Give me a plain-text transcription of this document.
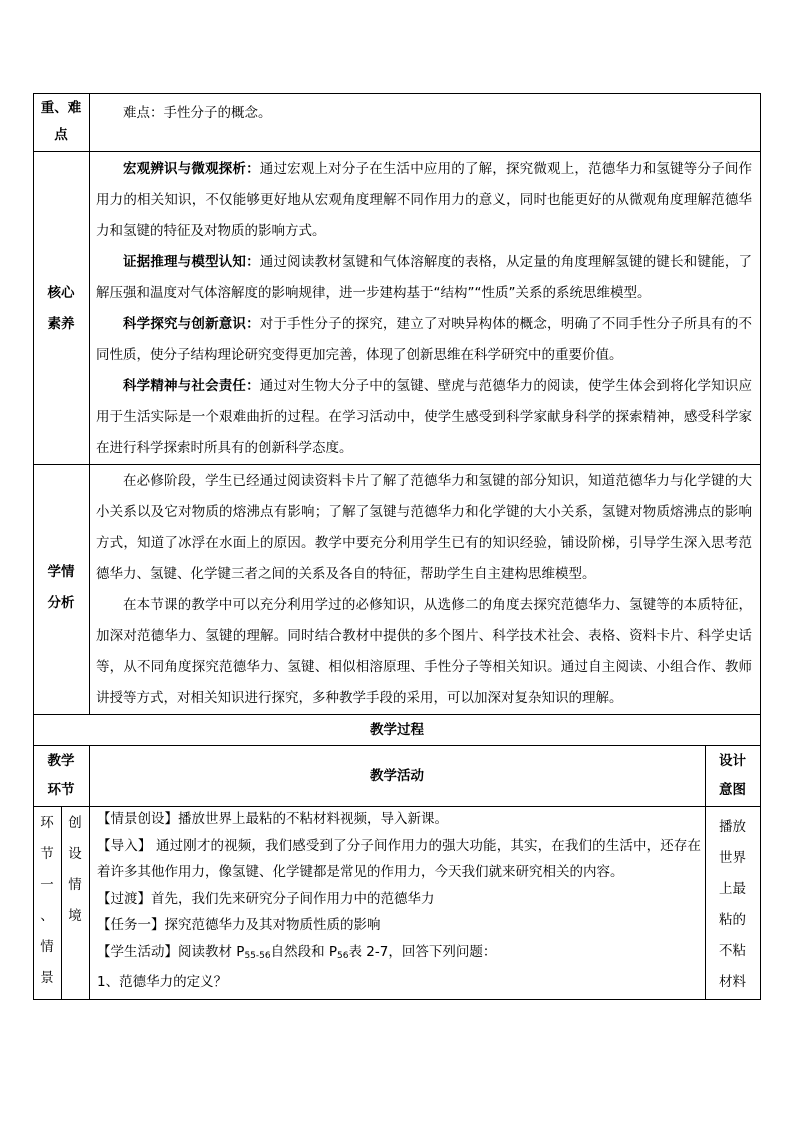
重、难
点
难点：手性分子的概念。
核心
素养
宏观辨识与微观探析：通过宏观上对分子在生活中应用的了解，探究微观上，范德华力和氢键等分子间作用力的相关知识，不仅能够更好地从宏观角度理解不同作用力的意义，同时也能更好的从微观角度理解范德华力和氢键的特征及对物质的影响方式。
证据推理与模型认知：通过阅读教材氢键和气体溶解度的表格，从定量的角度理解氢键的键长和键能，了解压强和温度对气体溶解度的影响规律，进一步建构基于“结构”“性质”关系的系统思维模型。
科学探究与创新意识：对于手性分子的探究，建立了对映异构体的概念，明确了不同手性分子所具有的不同性质，使分子结构理论研究变得更加完善，体现了创新思维在科学研究中的重要价值。
科学精神与社会责任：通过对生物大分子中的氢键、壁虎与范德华力的阅读，使学生体会到将化学知识应用于生活实际是一个艰难曲折的过程。在学习活动中，使学生感受到科学家献身科学的探索精神，感受科学家在进行科学探索时所具有的创新科学态度。
学情
分析
在必修阶段，学生已经通过阅读资料卡片了解了范德华力和氢键的部分知识，知道范德华力与化学键的大小关系以及它对物质的熔沸点有影响；了解了氢键与范德华力和化学键的大小关系，氢键对物质熔沸点的影响方式，知道了冰浮在水面上的原因。教学中要充分利用学生已有的知识经验，铺设阶梯，引导学生深入思考范德华力、氢键、化学键三者之间的关系及各自的特征，帮助学生自主建构思维模型。
在本节课的教学中可以充分利用学过的必修知识，从选修二的角度去探究范德华力、氢键等的本质特征，加深对范德华力、氢键的理解。同时结合教材中提供的多个图片、科学技术社会、表格、资料卡片、科学史话等，从不同角度探究范德华力、氢键、相似相溶原理、手性分子等相关知识。通过自主阅读、小组合作、教师讲授等方式，对相关知识进行探究，多种教学手段的采用，可以加深对复杂知识的理解。
教学过程
教学
环节
教学活动
设计
意图
环
节
一
、
情
景
创
设
情
境
【情景创设】播放世界上最粘的不粘材料视频，导入新课。
【导入】 通过刚才的视频，我们感受到了分子间作用力的强大功能，其实，在我们的生活中，还存在着许多其他作用力，像氢键、化学键都是常见的作用力，今天我们就来研究相关的内容。
【过渡】首先，我们先来研究分子间作用力中的范德华力
【任务一】探究范德华力及其对物质性质的影响
【学生活动】阅读教材 $P_{55-56}$自然段和 $P_{56}$表 2-7，回答下列问题：
1、范德华力的定义？
播放
世界
上最
粘的
不粘
材料
